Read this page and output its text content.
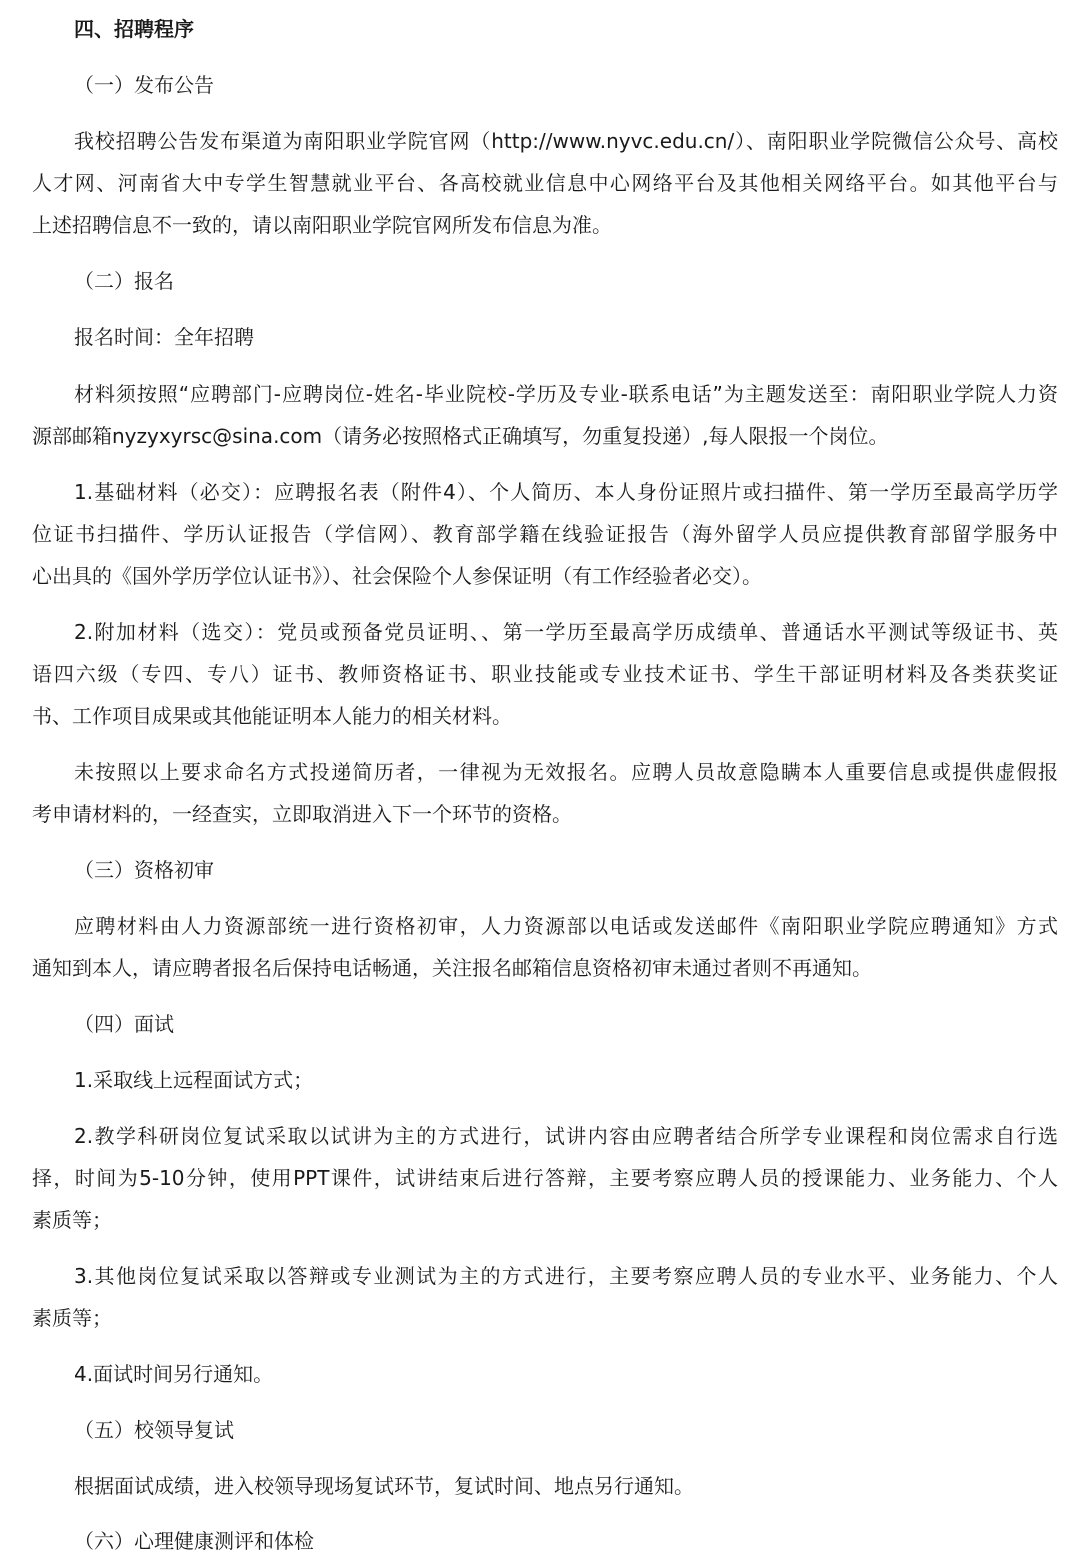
四、招聘程序
（一）发布公告
我校招聘公告发布渠道为南阳职业学院官网（http://www.nyvc.edu.cn/）、南阳职业学院微信公众号、高校
人才网、河南省大中专学生智慧就业平台、各高校就业信息中心网络平台及其他相关网络平台。如其他平台与
上述招聘信息不一致的，请以南阳职业学院官网所发布信息为准。
（二）报名
报名时间：全年招聘
材料须按照“应聘部门-应聘岗位-姓名-毕业院校-学历及专业-联系电话”为主题发送至：南阳职业学院人力资
源部邮箱nyzyxyrsc@sina.com（请务必按照格式正确填写，勿重复投递）,每人限报一个岗位。
1.基础材料（必交）：应聘报名表（附件4）、个人简历、本人身份证照片或扫描件、第一学历至最高学历学
位证书扫描件、学历认证报告（学信网）、教育部学籍在线验证报告（海外留学人员应提供教育部留学服务中
心出具的《国外学历学位认证书》）、社会保险个人参保证明（有工作经验者必交）。
2.附加材料（选交）：党员或预备党员证明、、第一学历至最高学历成绩单、普通话水平测试等级证书、英
语四六级（专四、专八）证书、教师资格证书、职业技能或专业技术证书、学生干部证明材料及各类获奖证
书、工作项目成果或其他能证明本人能力的相关材料。
未按照以上要求命名方式投递简历者，一律视为无效报名。应聘人员故意隐瞒本人重要信息或提供虚假报
考申请材料的，一经查实，立即取消进入下一个环节的资格。
（三）资格初审
应聘材料由人力资源部统一进行资格初审，人力资源部以电话或发送邮件《南阳职业学院应聘通知》方式
通知到本人，请应聘者报名后保持电话畅通，关注报名邮箱信息资格初审未通过者则不再通知。
（四）面试
1.采取线上远程面试方式；
2.教学科研岗位复试采取以试讲为主的方式进行，试讲内容由应聘者结合所学专业课程和岗位需求自行选
择，时间为5-10分钟，使用PPT课件，试讲结束后进行答辩，主要考察应聘人员的授课能力、业务能力、个人
素质等；
3.其他岗位复试采取以答辩或专业测试为主的方式进行，主要考察应聘人员的专业水平、业务能力、个人
素质等；
4.面试时间另行通知。
（五）校领导复试
根据面试成绩，进入校领导现场复试环节，复试时间、地点另行通知。
（六）心理健康测评和体检
